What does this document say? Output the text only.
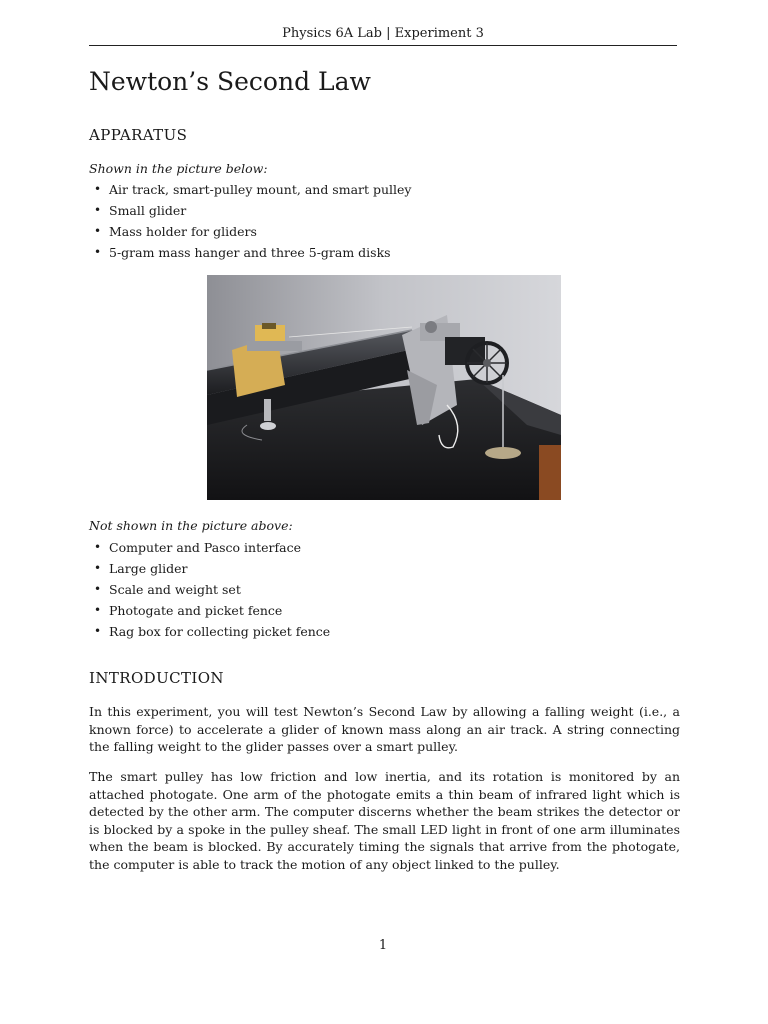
Physics 6A Lab | Experiment 3
Newton’s Second Law
APPARATUS
Shown in the picture below:
• Air track, smart-pulley mount, and smart pulley
• Small glider
• Mass holder for gliders
• 5-gram mass hanger and three 5-gram disks
Not shown in the picture above:
• Computer and Pasco interface
• Large glider
• Scale and weight set
• Photogate and picket fence
• Rag box for collecting picket fence
INTRODUCTION

In this experiment, you will test Newton’s Second Law by allowing a falling weight (i.e., a known force) to accelerate a glider of known mass along an air track. A string connecting the falling weight to the glider passes over a smart pulley.

The smart pulley has low friction and low inertia, and its rotation is monitored by an attached photogate. One arm of the photogate emits a thin beam of infrared light which is detected by the other arm. The computer discerns whether the beam strikes the detector or is blocked by a spoke in the pulley sheaf. The small LED light in front of one arm illuminates when the beam is blocked. By accurately timing the signals that arrive from the photogate, the computer is able to track the motion of any object linked to the pulley.

1
